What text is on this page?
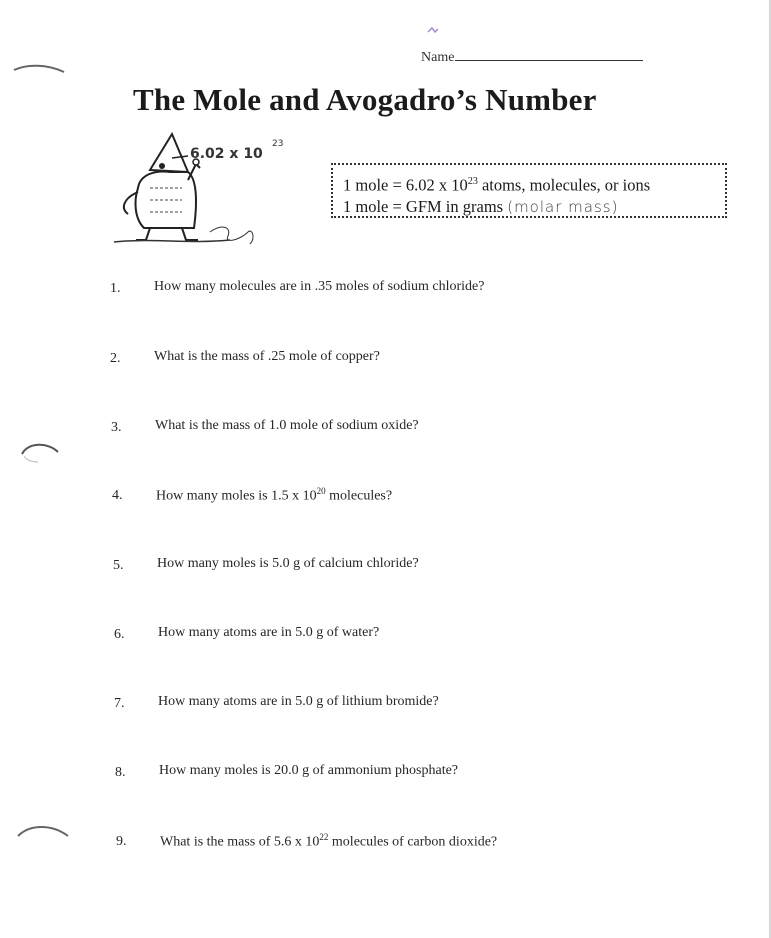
Name
The Mole and Avogadro’s Number
6.02 x 10
23
1 mole = 6.02 x $10^{23}$ atoms, molecules, or ions
1 mole = GFM in grams (molar mass)
1. How many molecules are in .35 moles of sodium chloride?
2. What is the mass of .25 mole of copper?
3. What is the mass of 1.0 mole of sodium oxide?
4. How many moles is 1.5 x $10^{20}$ molecules?
5. How many moles is 5.0 g of calcium chloride?
6. How many atoms are in 5.0 g of water?
7. How many atoms are in 5.0 g of lithium bromide?
8. How many moles is 20.0 g of ammonium phosphate?
9. What is the mass of 5.6 x $10^{22}$ molecules of carbon dioxide?
